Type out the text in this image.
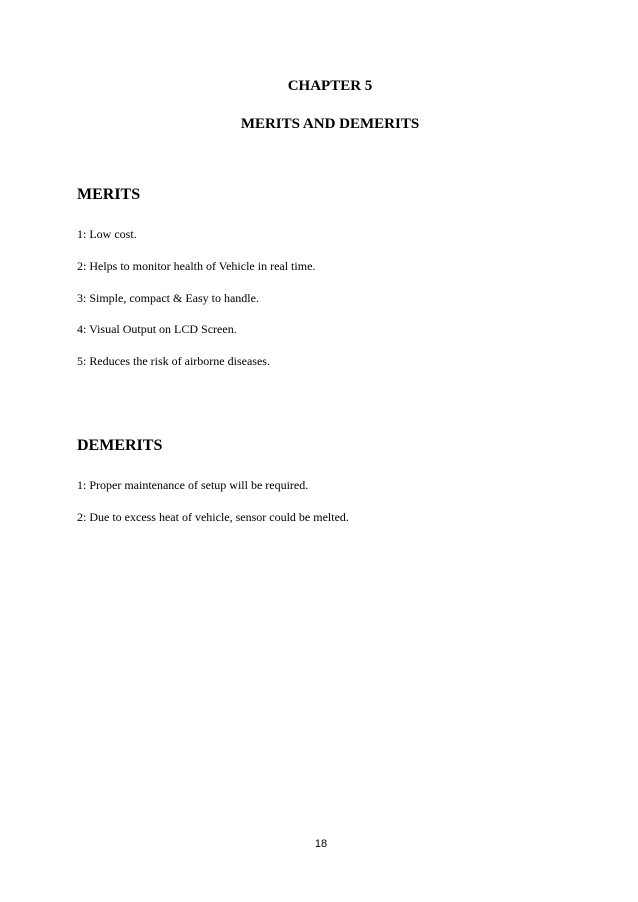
CHAPTER 5
MERITS AND DEMERITS
MERITS
1: Low cost.
2: Helps to monitor health of Vehicle in real time.
3: Simple, compact & Easy to handle.
4: Visual Output on LCD Screen.
5: Reduces the risk of airborne diseases.
DEMERITS
1: Proper maintenance of setup will be required.
2: Due to excess heat of vehicle, sensor could be melted.
18
